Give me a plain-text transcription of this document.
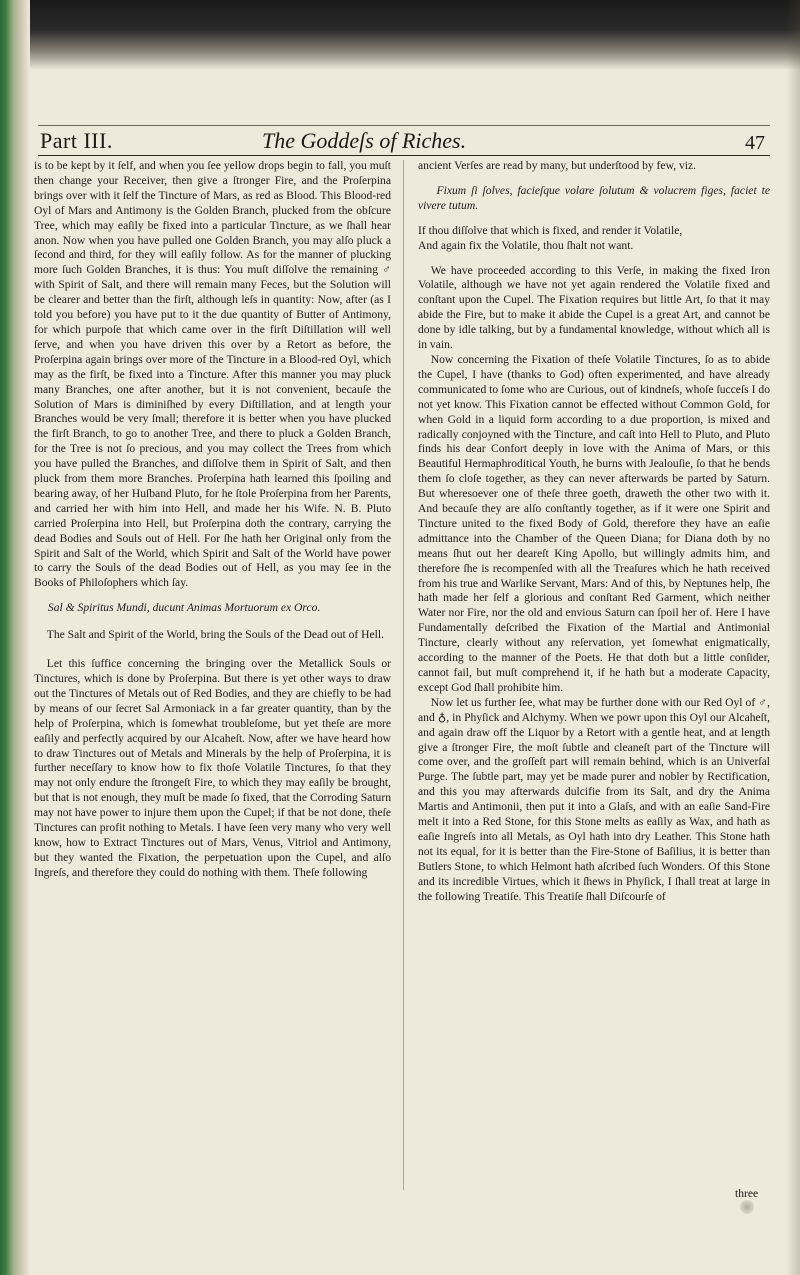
Part III.	The Goddeſs of Riches.	47

is to be kept by it ſelf, and when you ſee yellow drops begin to fall, you muſt then change your Receiver, then give a ſtronger Fire, and the Proſerpina brings over with it ſelf the Tincture of Mars, as red as Blood. This Blood-red Oyl of Mars and Antimony is the Golden Branch, plucked from the obſcure Tree, which may eaſily be fixed into a particular Tincture, as we ſhall hear anon. Now when you have pulled one Golden Branch, you may alſo pluck a ſecond and third, for they will eaſily follow. As for the manner of plucking more ſuch Golden Branches, it is thus: You muſt diſſolve the remaining ♂ with Spirit of Salt, and there will remain many Feces, but the Solution will be clearer and better than the firſt, although leſs in quantity: Now, after (as I told you before) you have put to it the due quantity of Butter of Antimony, for which purpoſe that which came over in the firſt Diſtillation will well ſerve, and when you have driven this over by a Retort as before, the Proſerpina again brings over more of the Tincture in a Blood-red Oyl, which may as the firſt, be fixed into a Tincture. After this manner you may pluck many Branches, one after another, but it is not convenient, becauſe the Solution of Mars is diminiſhed by every Diſtillation, and at length your Branches would be very ſmall; therefore it is better when you have plucked the firſt Branch, to go to another Tree, and there to pluck a Golden Branch, for the Tree is not ſo precious, and you may collect the Trees from which you have pulled the Branches, and diſſolve them in Spirit of Salt, and then pluck from them more Branches. Proſerpina hath learned this ſpoiling and bearing away, of her Huſband Pluto, for he ſtole Proſerpina from her Parents, and carried her with him into Hell, and made her his Wife. N. B. Pluto carried Proſerpina into Hell, but Proſerpina doth the contrary, carrying the dead Bodies and Souls out of Hell. For ſhe hath her Original only from the Spirit and Salt of the World, which Spirit and Salt of the World have power to carry the Souls of the dead Bodies out of Hell, as you may ſee in the Books of Philoſophers which ſay.

Sal & Spiritus Mundi, ducunt Animas Mortuorum ex Orco.

The Salt and Spirit of the World, bring the Souls of the Dead out of Hell.

Let this ſuffice concerning the bringing over the Metallick Souls or Tinctures, which is done by Proſerpina. But there is yet other ways to draw out the Tinctures of Metals out of Red Bodies, and they are chiefly to be had by means of our ſecret Sal Armoniack in a far greater quantity, than by the help of Proſerpina, which is ſomewhat troubleſome, but yet theſe are more eaſily and perfectly acquired by our Alcaheſt. Now, after we have heard how to draw Tinctures out of Metals and Minerals by the help of Proſerpina, it is further neceſſary to know how to fix thoſe Volatile Tinctures, ſo that they may not only endure the ſtrongeſt Fire, to which they may eaſily be brought, but that is not enough, they muſt be made ſo fixed, that the Corroding Saturn may not have power to injure them upon the Cupel; if that be not done, theſe Tinctures can profit nothing to Metals. I have ſeen very many who very well know, how to Extract Tinctures out of Mars, Venus, Vitriol and Antimony, but they wanted the Fixation, the perpetuation upon the Cupel, and alſo Ingreſs, and therefore they could do nothing with them. Theſe following

ancient Verſes are read by many, but underſtood by few, viz.

Fixum ſi ſolves, facieſque volare ſolutum & volucrem figes, faciet te vivere tutum.

If thou diſſolve that which is fixed, and render it Volatile,

And again fix the Volatile, thou ſhalt not want.

We have proceeded according to this Verſe, in making the fixed Iron Volatile, although we have not yet again rendered the Volatile fixed and conſtant upon the Cupel. The Fixation requires but little Art, ſo that it may abide the Fire, but to make it abide the Cupel is a great Art, and cannot be done by idle talking, but by a fundamental knowledge, without which all is in vain.

Now concerning the Fixation of theſe Volatile Tinctures, ſo as to abide the Cupel, I have (thanks to God) often experimented, and have already communicated to ſome who are Curious, out of kindneſs, whoſe ſucceſs I do not yet know. This Fixation cannot be effected without Common Gold, for when Gold in a liquid form according to a due proportion, is mixed and radically conjoyned with the Tincture, and caſt into Hell to Pluto, and Pluto finds his dear Confort deeply in love with the Anima of Mars, or this Beautiful Hermaphroditical Youth, he burns with Jealouſie, ſo that he bends them ſo cloſe together, as they can never afterwards be parted by Saturn. But wheresoever one of theſe three goeth, draweth the other two with it. And becauſe they are alſo conſtantly together, as if it were one Spirit and Tincture united to the fixed Body of Gold, therefore they have an eaſie admittance into the Chamber of the Queen Diana; for Diana doth by no means ſhut out her deareſt King Apollo, but willingly admits him, and therefore ſhe is recompenſed with all the Treaſures which he hath received from his true and Warlike Servant, Mars: And of this, by Neptunes help, ſhe hath made her ſelf a glorious and conſtant Red Garment, which neither Water nor Fire, nor the old and envious Saturn can ſpoil her of. Here I have Fundamentally deſcribed the Fixation of the Martial and Antimonial Tincture, clearly without any reſervation, yet ſomewhat enigmatically, according to the manner of the Poets. He that doth but a little conſider, cannot fail, but muſt comprehend it, if he hath but a moderate Capacity, except God ſhall prohibite him.

Now let us further ſee, what may be further done with our Red Oyl of ♂, and ♁, in Phyſick and Alchymy. When we powr upon this Oyl our Alcaheſt, and again draw off the Liquor by a Retort with a gentle heat, and at length give a ſtronger Fire, the moſt ſubtle and cleaneſt part of the Tincture will come over, and the groſſeſt part will remain behind, which is an Univerſal Purge. The ſubtle part, may yet be made purer and nobler by Rectification, and this you may afterwards dulcifie from its Salt, and dry the Anima Martis and Antimonii, then put it into a Glaſs, and with an eaſie Sand-Fire melt it into a Red Stone, for this Stone melts as eaſily as Wax, and hath as eaſie Ingreſs into all Metals, as Oyl hath into dry Leather. This Stone hath not its equal, for it is better than the Fire-Stone of Baſilius, it is better than Butlers Stone, to which Helmont hath aſcribed ſuch Wonders. Of this Stone and its incredible Virtues, which it ſhews in Phyſick, I ſhall treat at large in the following Treatiſe. This Treatiſe ſhall Diſcourſe of

three
